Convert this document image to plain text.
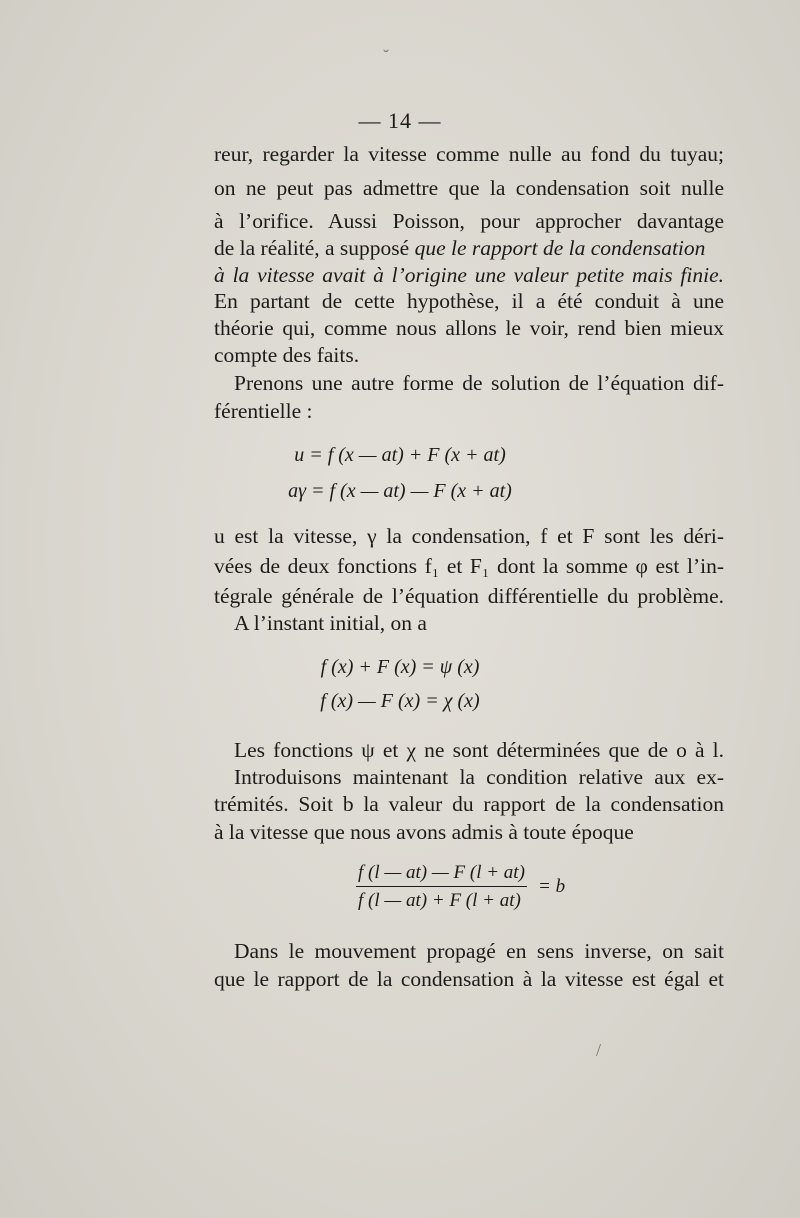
˘
— 14 —
reur, regarder la vitesse comme nulle au fond du tuyau;
on ne peut pas admettre que la condensation soit nulle
à l’orifice. Aussi Poisson, pour approcher davantage
de la réalité, a supposé que le rapport de la condensation
à la vitesse avait à l’origine une valeur petite mais finie.
En partant de cette hypothèse, il a été conduit à une
théorie qui, comme nous allons le voir, rend bien mieux
compte des faits.
Prenons une autre forme de solution de l’équation dif-
férentielle :
u = f (x — at) + F (x + at)
aγ = f (x — at) — F (x + at)
u est la vitesse, γ la condensation, f et F sont les déri-
vées de deux fonctions f₁ et F₁ dont la somme φ est l’in-
tégrale générale de l’équation différentielle du problème.
A l’instant initial, on a
f (x) + F (x) = ψ (x)
f (x) — F (x) = χ (x)
Les fonctions ψ et χ ne sont déterminées que de o à l.
Introduisons maintenant la condition relative aux ex-
trémités. Soit b la valeur du rapport de la condensation
à la vitesse que nous avons admis à toute époque
$\frac{f (l — at) — F (l + at)}{f (l — at) + F (l + at)} = b$
Dans le mouvement propagé en sens inverse, on sait
que le rapport de la condensation à la vitesse est égal et
/
